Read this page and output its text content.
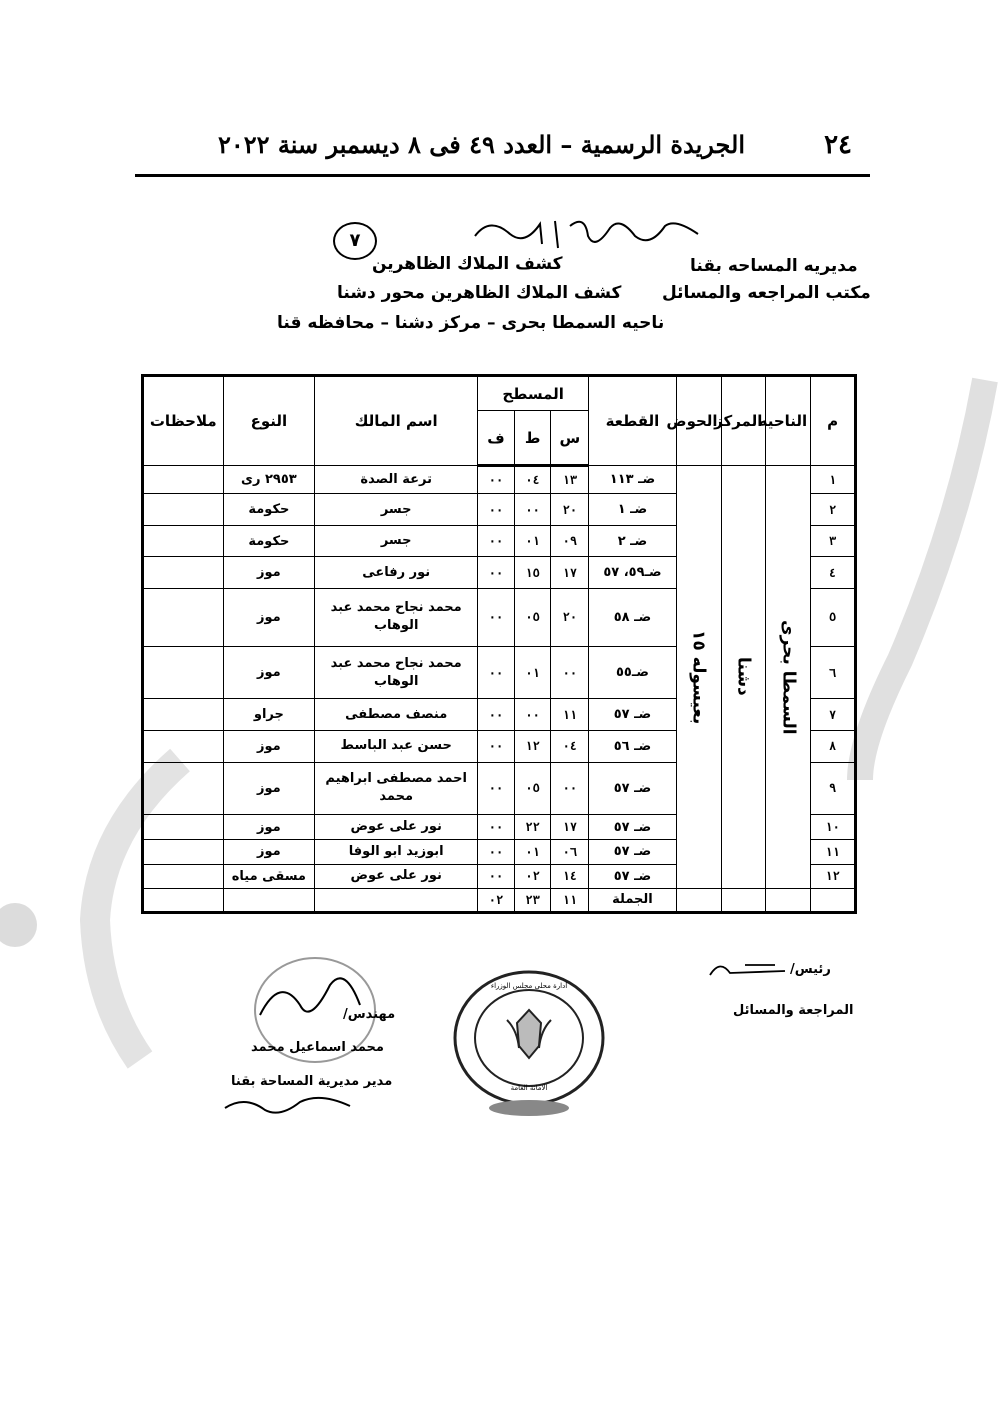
٢٤
الجريدة الرسمية – العدد ٤٩ فى ٨ ديسمبر سنة ٢٠٢٢
مديريه المساحه بقنا
مكتب المراجعه والمسائل
كشف الملاك الظاهرين
كشف الملاك الظاهرين محور دشنا
ناحيه السمطا بحرى – مركز دشنا – محافظه قنا
٧
م	الناحيه	المركز	الحوض	القطعة	المسطح			اسم المالك	النوع	ملاحظات
					س	ط	ف			
١	السمطا بحرى	دشنا	بعيسوله ١٥	ضـ ١١٣	١٣	٠٤	٠٠	ترعة الصدة	٢٩٥٣ رى	
٢				ضـ ١	٢٠	٠٠	٠٠	جسر	حكومة	
٣				ضـ ٢	٠٩	٠١	٠٠	جسر	حكومة	
٤				ضـ٥٩، ٥٧	١٧	١٥	٠٠	نور رفاعى	موز	
٥				ضـ ٥٨	٢٠	٠٥	٠٠	محمد نجاح محمد عبد الوهاب	موز	
٦				ضـ٥٥	٠٠	٠١	٠٠	محمد نجاح محمد عبد الوهاب	موز	
٧				ضـ ٥٧	١١	٠٠	٠٠	منصف مصطفى	جراو	
٨				ضـ ٥٦	٠٤	١٢	٠٠	حسن عبد الباسط	موز	
٩				ضـ ٥٧	٠٠	٠٥	٠٠	احمد مصطفى ابراهيم محمد	موز	
١٠				ضـ ٥٧	١٧	٢٢	٠٠	نور على عوض	موز	
١١				ضـ ٥٧	٠٦	٠١	٠٠	ابوزيد ابو الوفا	موز	
١٢				ضـ ٥٧	١٤	٠٢	٠٠	نور على عوض	مسقى مياه	
				الجملة	١١	٢٣	٠٢			
رئيس/
المراجعة والمسائل
ادارة محلى مجلس الوزراء
الامانة العامة
مهندس/
محمد اسماعيل محمد
مدير مديرية المساحة بقنا
